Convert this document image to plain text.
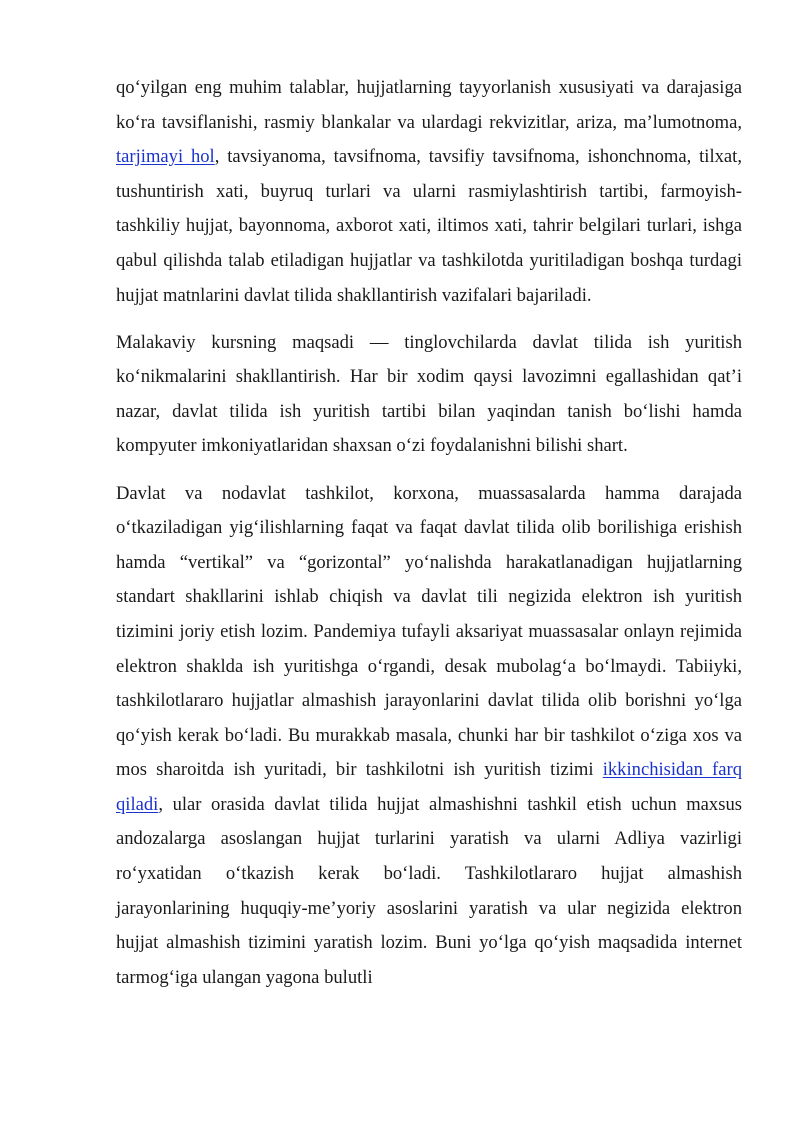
qo‘yilgan eng muhim talablar, hujjatlarning tayyorlanish xususiyati va darajasiga ko‘ra tavsiflanishi, rasmiy blankalar va ulardagi rekvizitlar, ariza, ma’lumotnoma, tarjimayi hol, tavsiyanoma, tavsifnoma, tavsifiy tavsifnoma, ishonchnoma, tilxat, tushuntirish xati, buyruq turlari va ularni rasmiylashtirish tartibi, farmoyish-tashkiliy hujjat, bayonnoma, axborot xati, iltimos xati, tahrir belgilari turlari, ishga qabul qilishda talab etiladigan hujjatlar va tashkilotda yuritiladigan boshqa turdagi hujjat matnlarini davlat tilida shakllantirish vazifalari bajariladi.

Malakaviy kursning maqsadi — tinglovchilarda davlat tilida ish yuritish ko‘nikmalarini shakllantirish. Har bir xodim qaysi lavozimni egallashidan qat’i nazar, davlat tilida ish yuritish tartibi bilan yaqindan tanish bo‘lishi hamda kompyuter imkoniyatlaridan shaxsan o‘zi foydalanishni bilishi shart.

Davlat va nodavlat tashkilot, korxona, muassasalarda hamma darajada o‘tkaziladigan yig‘ilishlarning faqat va faqat davlat tilida olib borilishiga erishish hamda “vertikal” va “gorizontal” yo‘nalishda harakatlanadigan hujjatlarning standart shakllarini ishlab chiqish va davlat tili negizida elektron ish yuritish tizimini joriy etish lozim. Pandemiya tufayli aksariyat muassasalar onlayn rejimida elektron shaklda ish yuritishga o‘rgandi, desak mubolag‘a bo‘lmaydi. Tabiiyki, tashkilotlararo hujjatlar almashish jarayonlarini davlat tilida olib borishni yo‘lga qo‘yish kerak bo‘ladi. Bu murakkab masala, chunki har bir tashkilot o‘ziga xos va mos sharoitda ish yuritadi, bir tashkilotni ish yuritish tizimi ikkinchisidan farq qiladi, ular orasida davlat tilida hujjat almashishni tashkil etish uchun maxsus andozalarga asoslangan hujjat turlarini yaratish va ularni Adliya vazirligi ro‘yxatidan o‘tkazish kerak bo‘ladi. Tashkilotlararo hujjat almashish jarayonlarining huquqiy-me’yoriy asoslarini yaratish va ular negizida elektron hujjat almashish tizimini yaratish lozim. Buni yo‘lga qo‘yish maqsadida internet tarmog‘iga ulangan yagona bulutli
